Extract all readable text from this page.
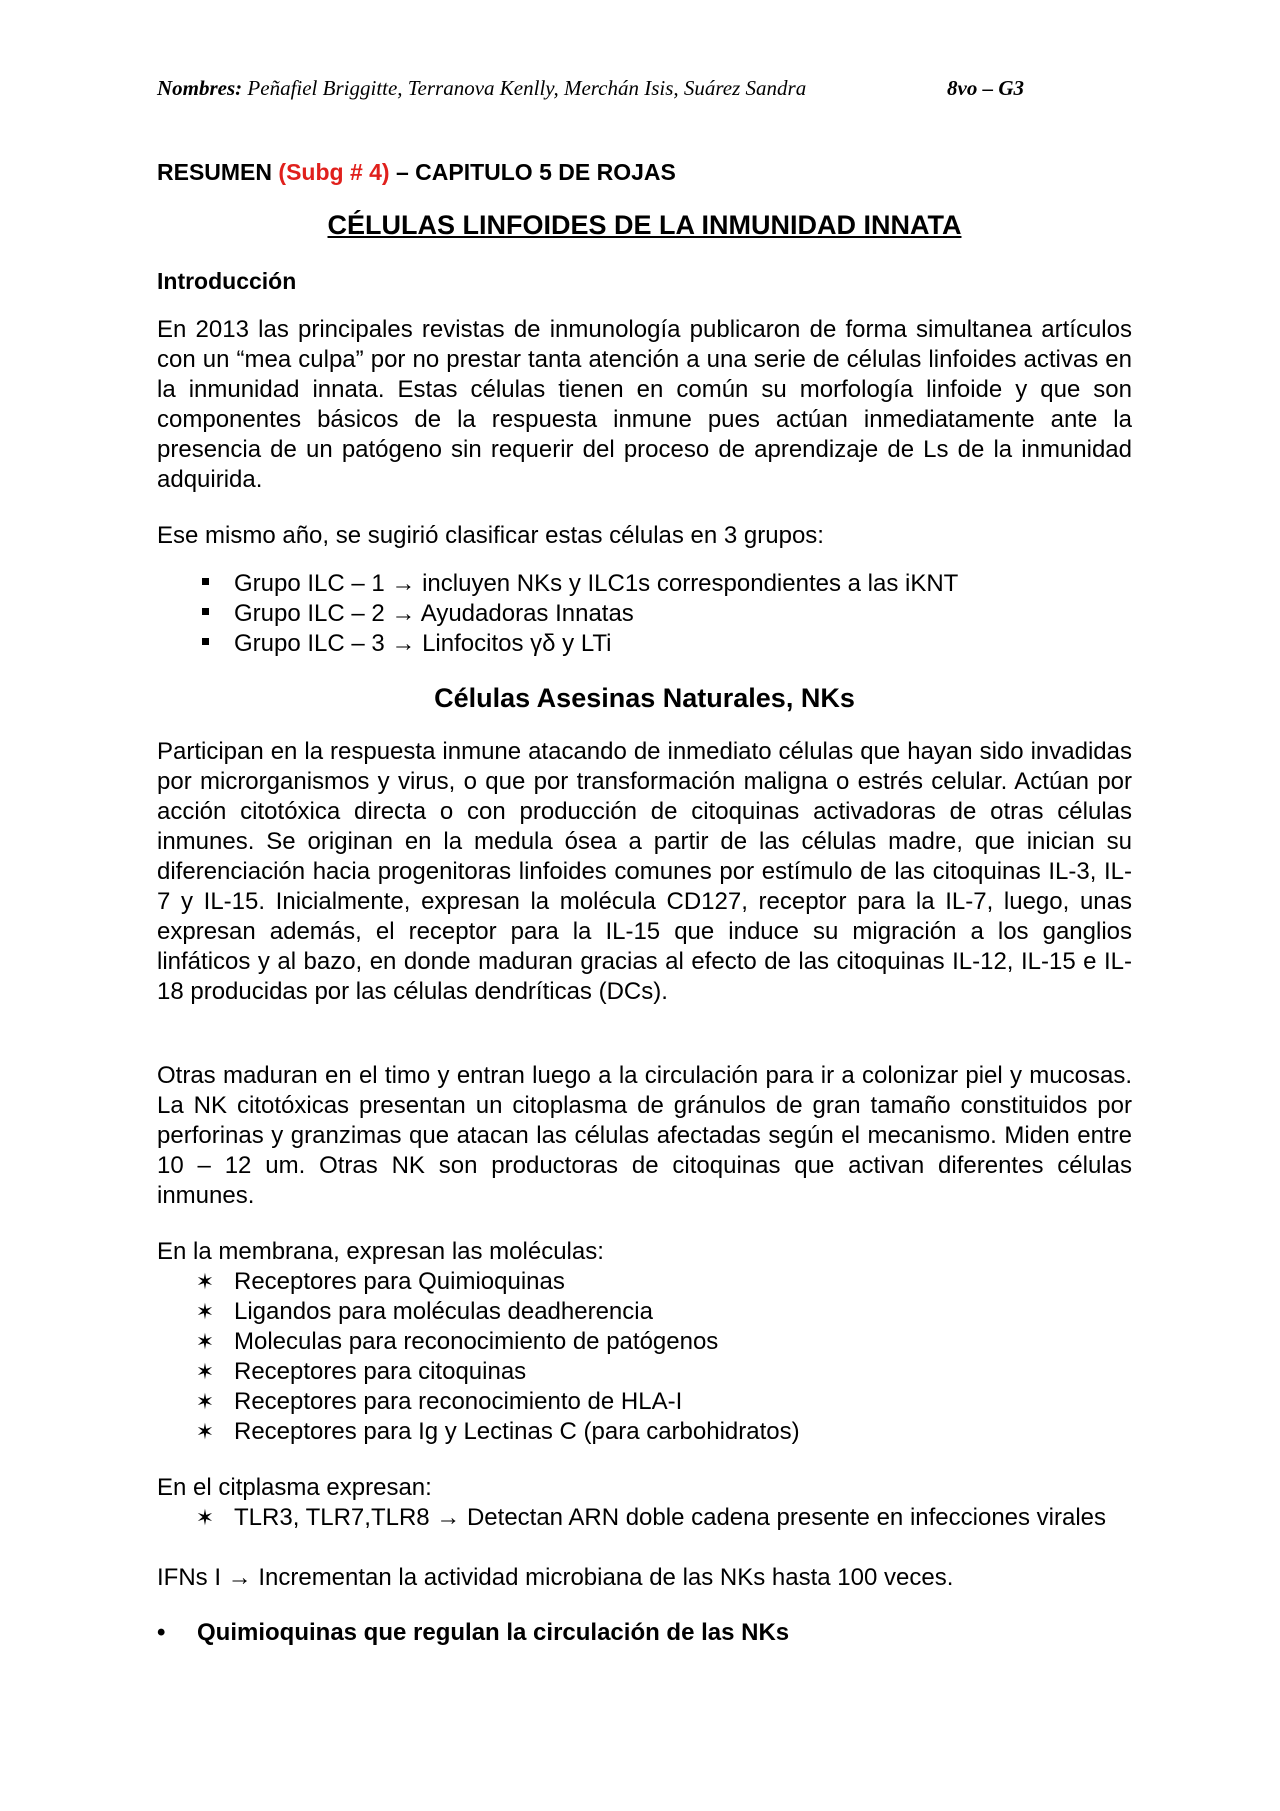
Nombres: Peñafiel Briggitte, Terranova Kenlly, Merchán Isis, Suárez Sandra	8vo – G3
RESUMEN (Subg # 4) – CAPITULO 5 DE ROJAS
CÉLULAS LINFOIDES DE LA INMUNIDAD INNATA
Introducción
En 2013 las principales revistas de inmunología publicaron de forma simultanea artículos con un “mea culpa” por no prestar tanta atención a una serie de células linfoides activas en la inmunidad innata. Estas células tienen en común su morfología linfoide y que son componentes básicos de la respuesta inmune pues actúan inmediatamente ante la presencia de un patógeno sin requerir del proceso de aprendizaje de Ls de la inmunidad adquirida.
Ese mismo año, se sugirió clasificar estas células en 3 grupos:
Grupo ILC – 1 → incluyen NKs y ILC1s correspondientes a las iKNT
Grupo ILC – 2 → Ayudadoras Innatas
Grupo ILC – 3 → Linfocitos γδ y LTi
Células Asesinas Naturales, NKs
Participan en la respuesta inmune atacando de inmediato células que hayan sido invadidas por microrganismos y virus, o que por transformación maligna o estrés celular. Actúan por acción citotóxica directa o con producción de citoquinas activadoras de otras células inmunes. Se originan en la medula ósea a partir de las células madre, que inician su diferenciación hacia progenitoras linfoides comunes por estímulo de las citoquinas IL-3, IL-7 y IL-15. Inicialmente, expresan la molécula CD127, receptor para la IL-7, luego, unas expresan además, el receptor para la IL-15 que induce su migración a los ganglios linfáticos y al bazo, en donde maduran gracias al efecto de las citoquinas IL-12, IL-15 e IL-18 producidas por las células dendríticas (DCs).
Otras maduran en el timo y entran luego a la circulación para ir a colonizar piel y mucosas. La NK citotóxicas presentan un citoplasma de gránulos de gran tamaño constituidos por perforinas y granzimas que atacan las células afectadas según el mecanismo. Miden entre 10 – 12 um. Otras NK son productoras de citoquinas que activan diferentes células inmunes.
En la membrana, expresan las moléculas:
✶ Receptores para Quimioquinas
✶ Ligandos para moléculas deadherencia
✶ Moleculas para reconocimiento de patógenos
✶ Receptores para citoquinas
✶ Receptores para reconocimiento de HLA-I
✶ Receptores para Ig y Lectinas C (para carbohidratos)
En el citplasma expresan:
✶ TLR3, TLR7,TLR8 → Detectan ARN doble cadena presente en infecciones virales
IFNs I → Incrementan la actividad microbiana de las NKs hasta 100 veces.
• Quimioquinas que regulan la circulación de las NKs
